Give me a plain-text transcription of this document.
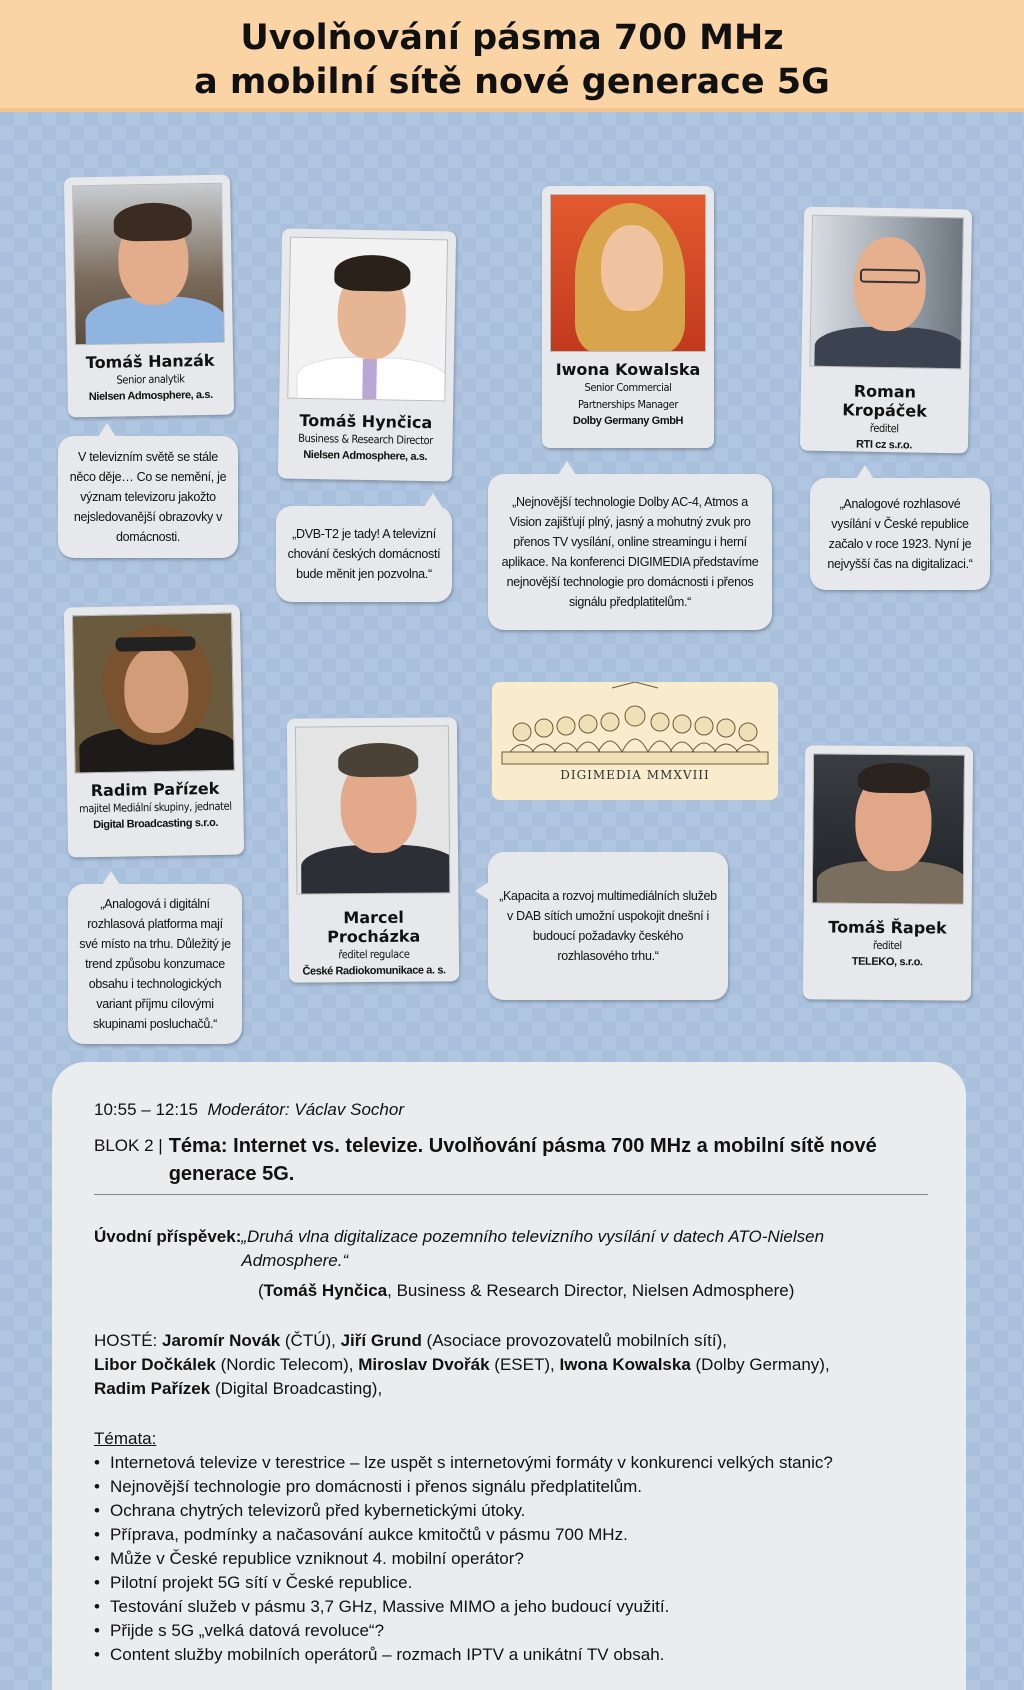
Uvolňování pásma 700 MHz
a mobilní sítě nové generace 5G
Tomáš Hanzák
Senior analytik
Nielsen Admosphere, a.s.
V televizním světě se stále něco děje… Co se nemění, je význam televizoru jakožto nejsledovanější obrazovky v domácnosti.
Tomáš Hynčica
Business & Research Director
Nielsen Admosphere, a.s.
„DVB-T2 je tady! A televizní chování českých domácností bude měnit jen pozvolna.“
Iwona Kowalska
Senior Commercial Partnerships Manager
Dolby Germany GmbH
„Nejnovější technologie Dolby AC-4, Atmos a Vision zajišťují plný, jasný a mohutný zvuk pro přenos TV vysílání, online streamingu i herní aplikace. Na konferenci DIGIMEDIA představíme nejnovější technologie pro domácnosti i přenos signálu předplatitelům.“
Roman Kropáček
ředitel
RTI cz s.r.o.
„Analogové rozhlasové vysílání v České republice začalo v roce 1923. Nyní je nejvyšší čas na digitalizaci.“
Radim Pařízek
majitel Mediální skupiny, jednatel
Digital Broadcasting s.r.o.
„Analogová i digitální rozhlasová platforma mají své místo na trhu. Důležitý je trend způsobu konzumace obsahu i technologických variant příjmu cílovými skupinami posluchačů.“
Marcel Procházka
ředitel regulace
České Radiokomunikace a. s.
„Kapacita a rozvoj multimediálních služeb v DAB sítích umožní uspokojit dnešní i budoucí požadavky českého rozhlasového trhu.“
DIGIMEDIA MMXVIII
Tomáš Řapek
ředitel
TELEKO, s.r.o.
10:55 – 12:15 Moderátor: Václav Sochor
BLOK 2 | Téma: Internet vs. televize. Uvolňování pásma 700 MHz a mobilní sítě nové generace 5G.
Úvodní příspěvek: „Druhá vlna digitalizace pozemního televizního vysílání v datech ATO-Nielsen Admosphere.“
(Tomáš Hynčica, Business & Research Director, Nielsen Admosphere)
HOSTÉ: Jaromír Novák (ČTÚ), Jiří Grund (Asociace provozovatelů mobilních sítí),
Libor Dočkálek (Nordic Telecom), Miroslav Dvořák (ESET), Iwona Kowalska (Dolby Germany),
Radim Pařízek (Digital Broadcasting),
Témata:
• Internetová televize v terestrice – lze uspět s internetovými formáty v konkurenci velkých stanic?
• Nejnovější technologie pro domácnosti i přenos signálu předplatitelům.
• Ochrana chytrých televizorů před kybernetickými útoky.
• Příprava, podmínky a načasování aukce kmitočtů v pásmu 700 MHz.
• Může v České republice vzniknout 4. mobilní operátor?
• Pilotní projekt 5G sítí v České republice.
• Testování služeb v pásmu 3,7 GHz, Massive MIMO a jeho budoucí využití.
• Přijde s 5G „velká datová revoluce“?
• Content služby mobilních operátorů – rozmach IPTV a unikátní TV obsah.
